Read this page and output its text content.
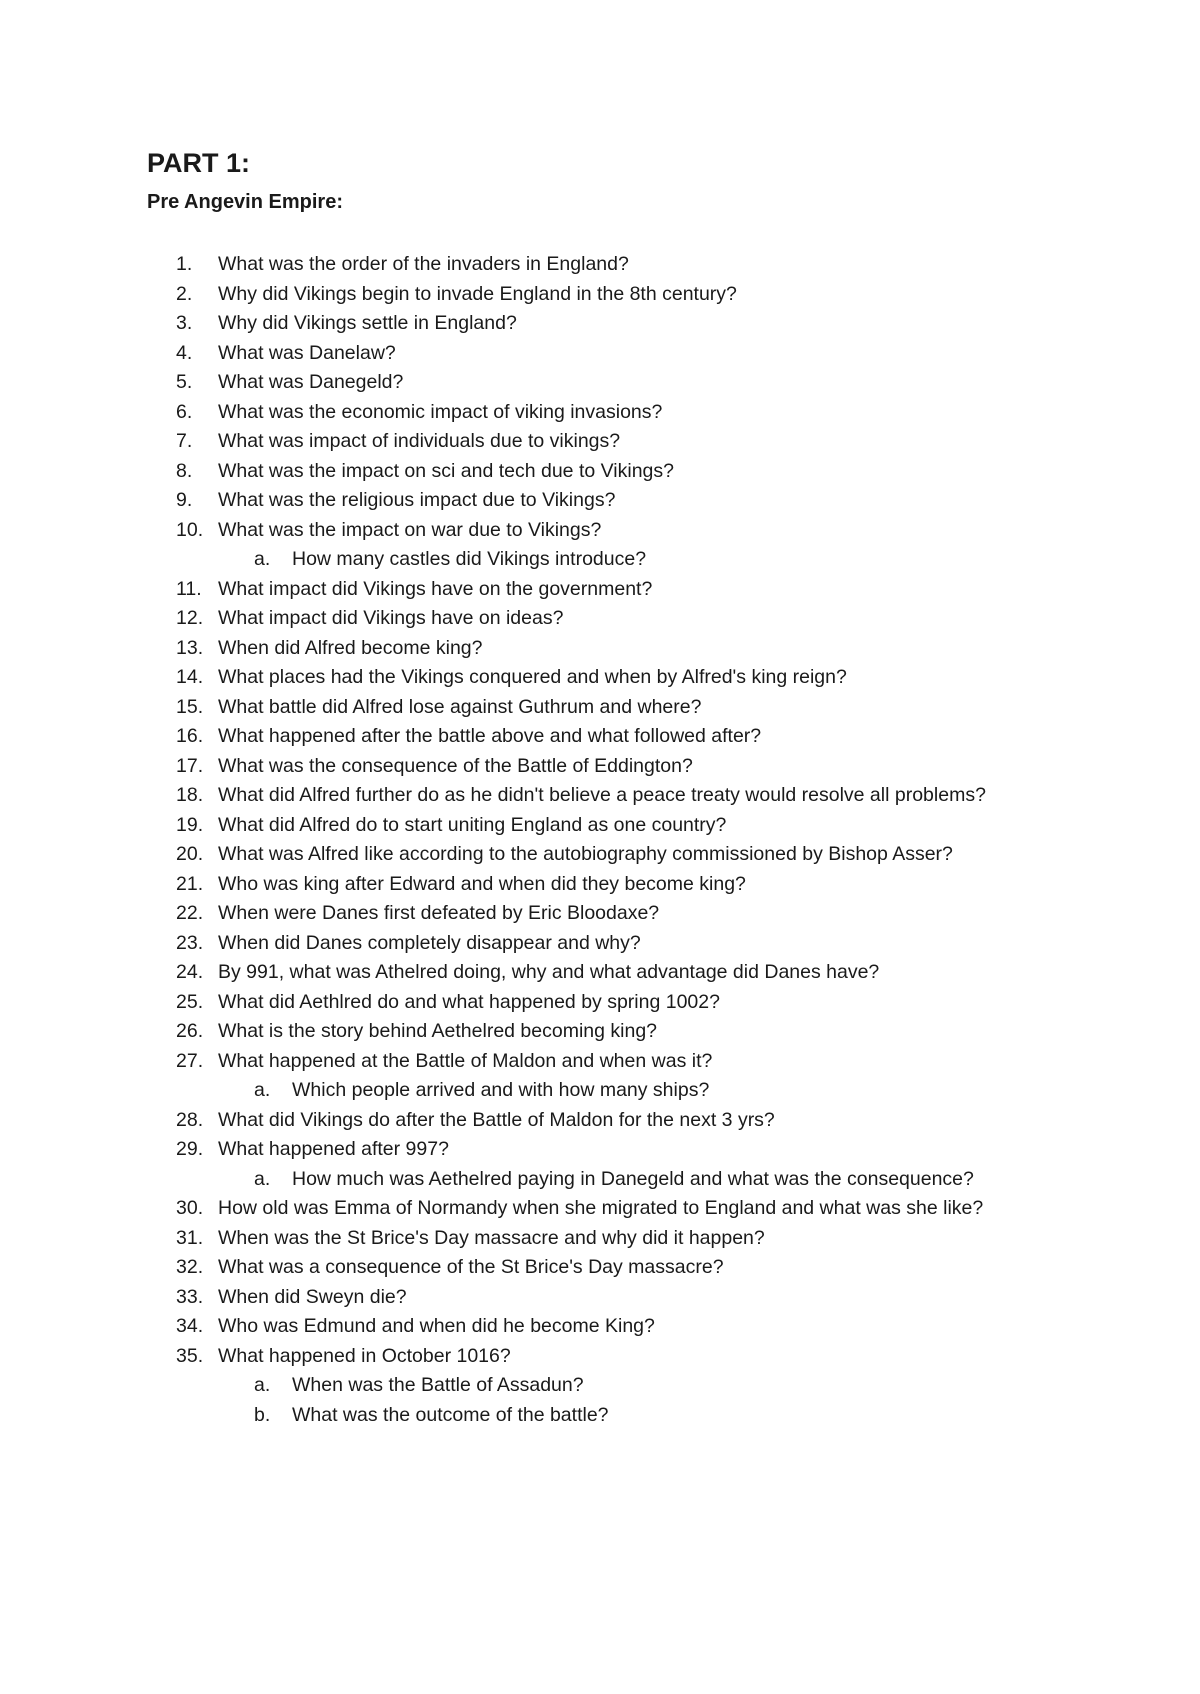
PART 1:
Pre Angevin Empire:
1. What was the order of the invaders in England?
2. Why did Vikings begin to invade England in the 8th century?
3. Why did Vikings settle in England?
4. What was Danelaw?
5. What was Danegeld?
6. What was the economic impact of viking invasions?
7. What was impact of individuals due to vikings?
8. What was the impact on sci and tech due to Vikings?
9. What was the religious impact due to Vikings?
10. What was the impact on war due to Vikings?
a. How many castles did Vikings introduce?
11. What impact did Vikings have on the government?
12. What impact did Vikings have on ideas?
13. When did Alfred become king?
14. What places had the Vikings conquered and when by Alfred's king reign?
15. What battle did Alfred lose against Guthrum and where?
16. What happened after the battle above and what followed after?
17. What was the consequence of the Battle of Eddington?
18. What did Alfred further do as he didn't believe a peace treaty would resolve all problems?
19. What did Alfred do to start uniting England as one country?
20. What was Alfred like according to the autobiography commissioned by Bishop Asser?
21. Who was king after Edward and when did they become king?
22. When were Danes first defeated by Eric Bloodaxe?
23. When did Danes completely disappear and why?
24. By 991, what was Athelred doing, why and what advantage did Danes have?
25. What did Aethlred do and what happened by spring 1002?
26. What is the story behind Aethelred becoming king?
27. What happened at the Battle of Maldon and when was it?
a. Which people arrived and with how many ships?
28. What did Vikings do after the Battle of Maldon for the next 3 yrs?
29. What happened after 997?
a. How much was Aethelred paying in Danegeld and what was the consequence?
30. How old was Emma of Normandy when she migrated to England and what was she like?
31. When was the St Brice's Day massacre and why did it happen?
32. What was a consequence of the St Brice's Day massacre?
33. When did Sweyn die?
34. Who was Edmund and when did he become King?
35. What happened in October 1016?
a. When was the Battle of Assadun?
b. What was the outcome of the battle?
